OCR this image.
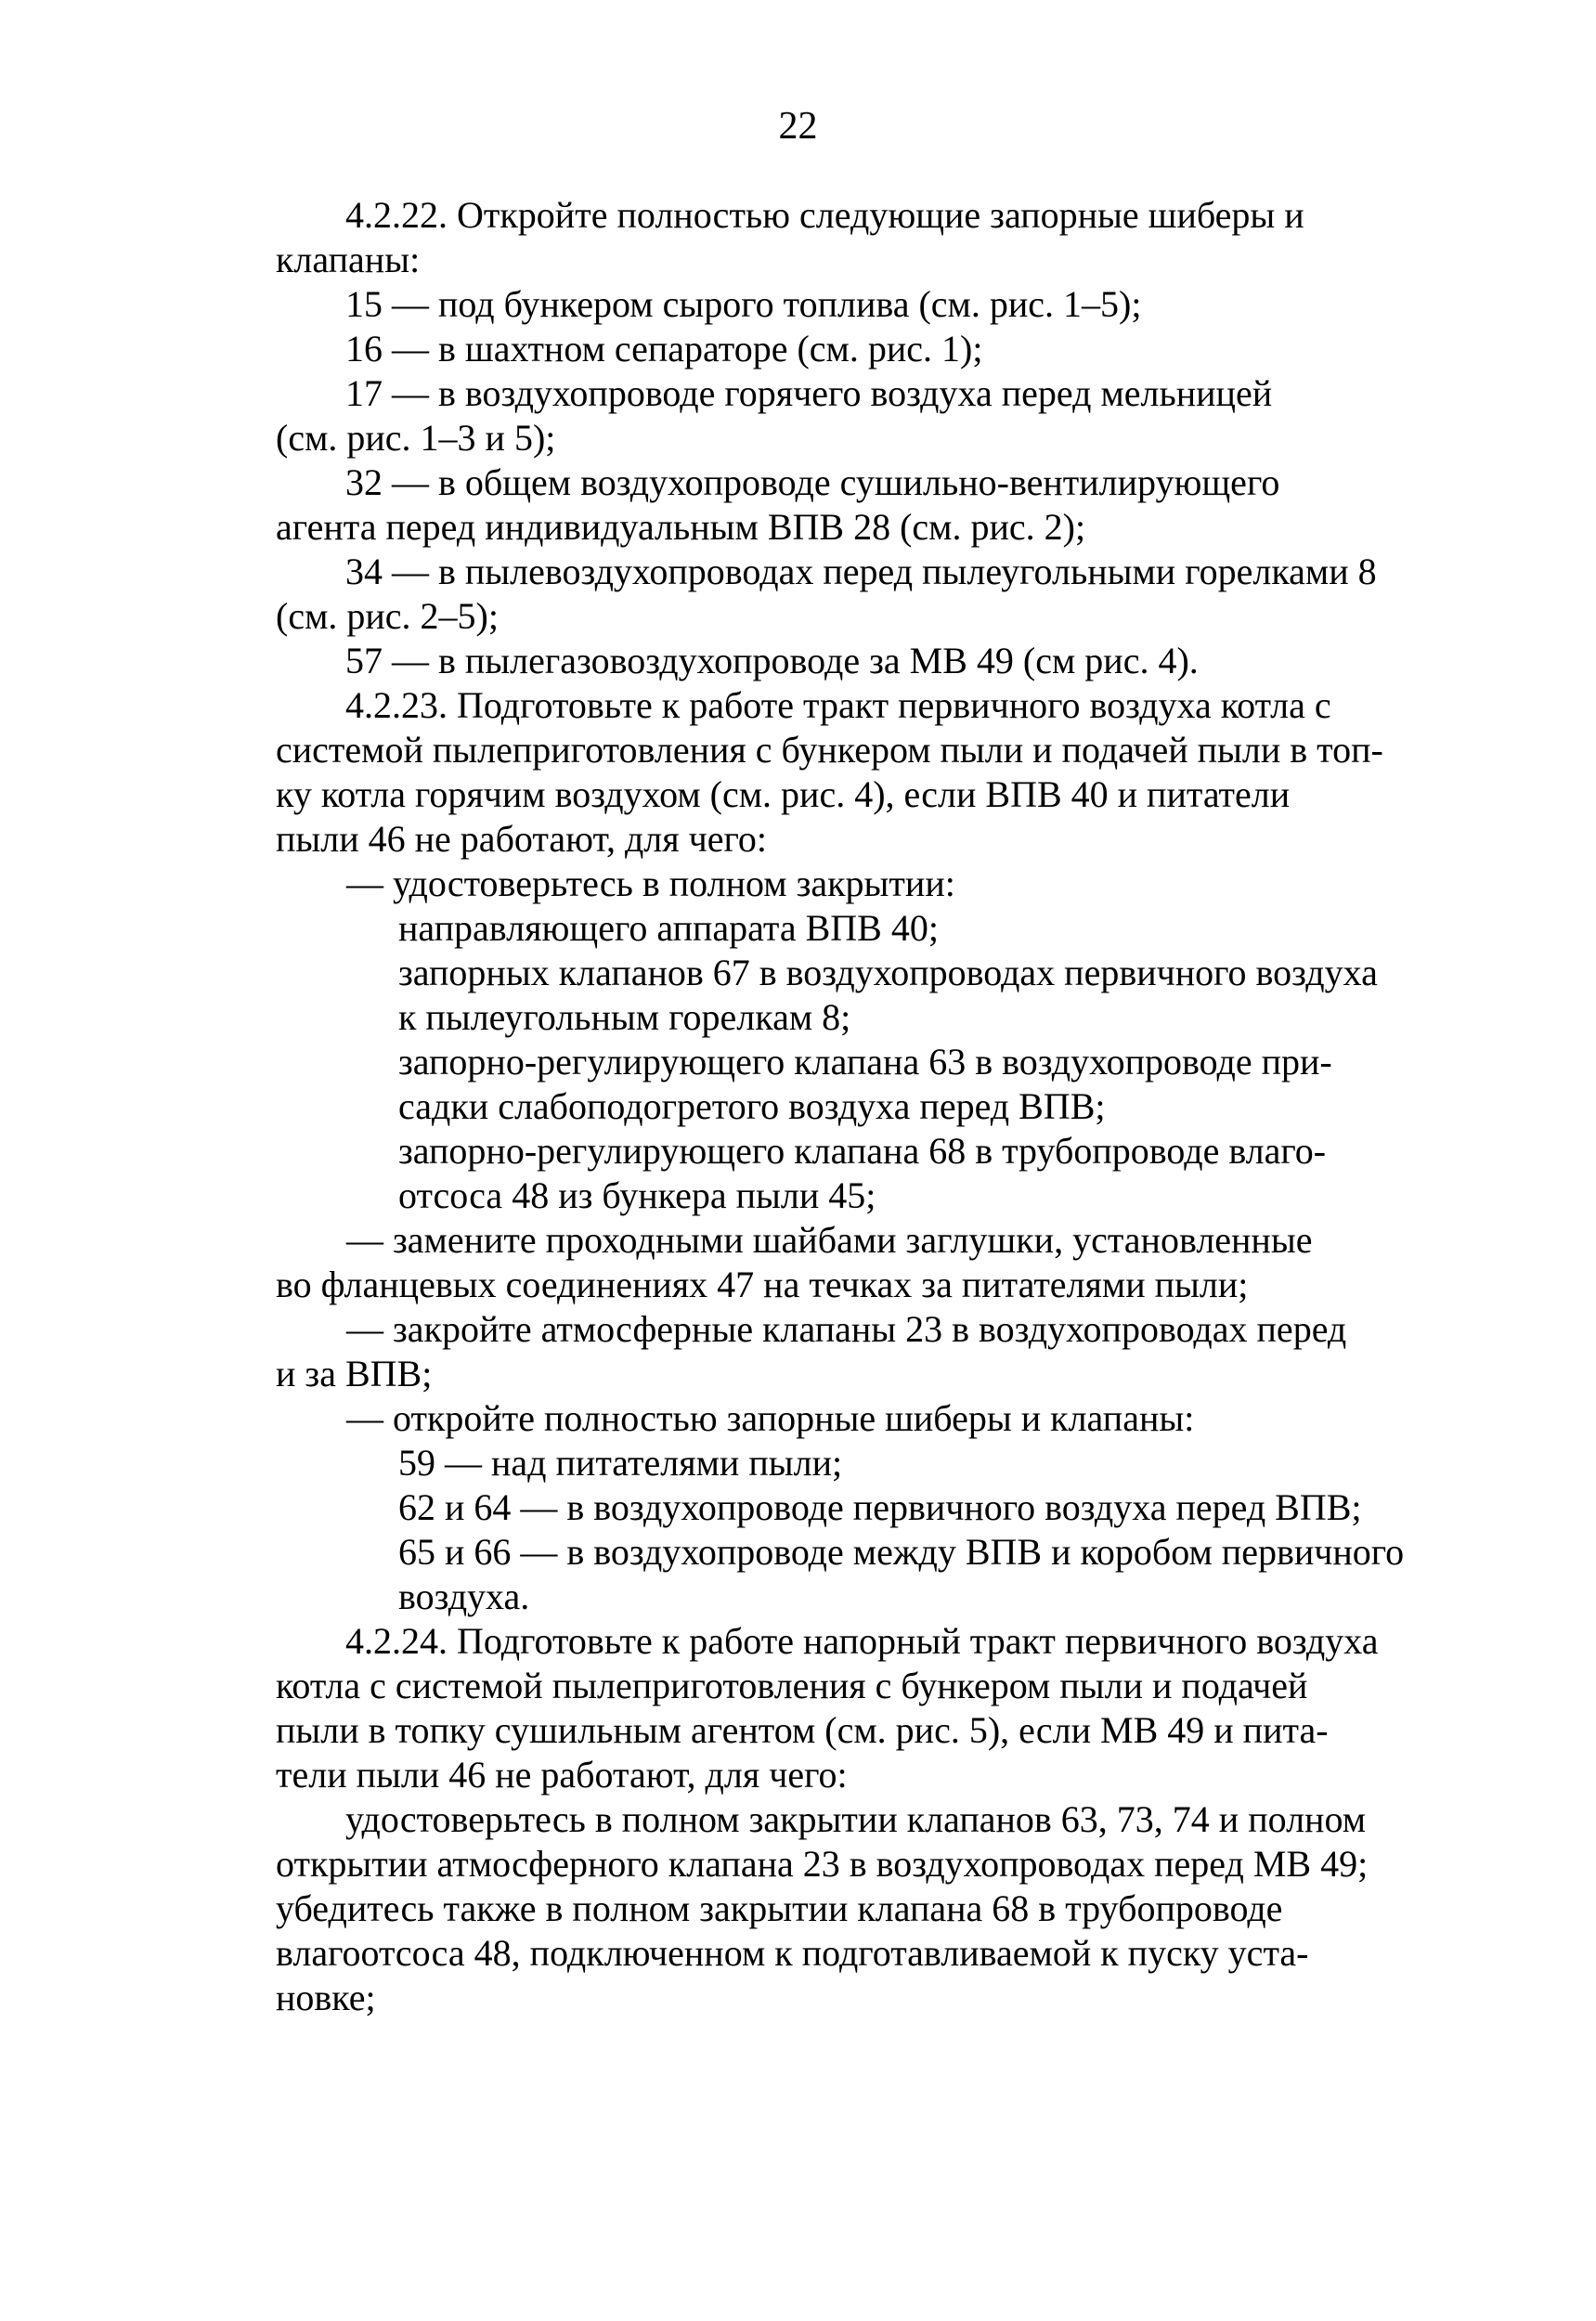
22

4.2.22. Откройте полностью следующие запорные шиберы и

клапаны:

15 — под бункером сырого топлива (см. рис. 1–5);

16 — в шахтном сепараторе (см. рис. 1);

17 — в воздухопроводе горячего воздуха перед мельницей

(см. рис. 1–3 и 5);

32 — в общем воздухопроводе сушильно-вентилирующего

агента перед индивидуальным ВПВ 28 (см. рис. 2);

34 — в пылевоздухопроводах перед пылеугольными горелками 8

(см. рис. 2–5);

57 — в пылегазовоздухопроводе за МВ 49 (см рис. 4).

4.2.23. Подготовьте к работе тракт первичного воздуха котла с

системой пылеприготовления с бункером пыли и подачей пыли в топ-

ку котла горячим воздухом (см. рис. 4), если ВПВ 40 и питатели

пыли 46 не работают, для чего:

— удостоверьтесь в полном закрытии:

направляющего аппарата ВПВ 40;

запорных клапанов 67 в воздухопроводах первичного воздуха

к пылеугольным горелкам 8;

запорно-регулирующего клапана 63 в воздухопроводе при-

садки слабоподогретого воздуха перед ВПВ;

запорно-регулирующего клапана 68 в трубопроводе влаго-

отсоса 48 из бункера пыли 45;

— замените проходными шайбами заглушки, установленные

во фланцевых соединениях 47 на течках за питателями пыли;

— закройте атмосферные клапаны 23 в воздухопроводах перед

и за ВПВ;

— откройте полностью запорные шиберы и клапаны:

59 — над питателями пыли;

62 и 64 — в воздухопроводе первичного воздуха перед ВПВ;

65 и 66 — в воздухопроводе между ВПВ и коробом первичного

воздуха.

4.2.24. Подготовьте к работе напорный тракт первичного воздуха

котла с системой пылеприготовления с бункером пыли и подачей

пыли в топку сушильным агентом (см. рис. 5), если МВ 49 и пита-

тели пыли 46 не работают, для чего:

удостоверьтесь в полном закрытии клапанов 63, 73, 74 и полном

открытии атмосферного клапана 23 в воздухопроводах перед МВ 49;

убедитесь также в полном закрытии клапана 68 в трубопроводе

влагоотсоса 48, подключенном к подготавливаемой к пуску уста-

новке;
